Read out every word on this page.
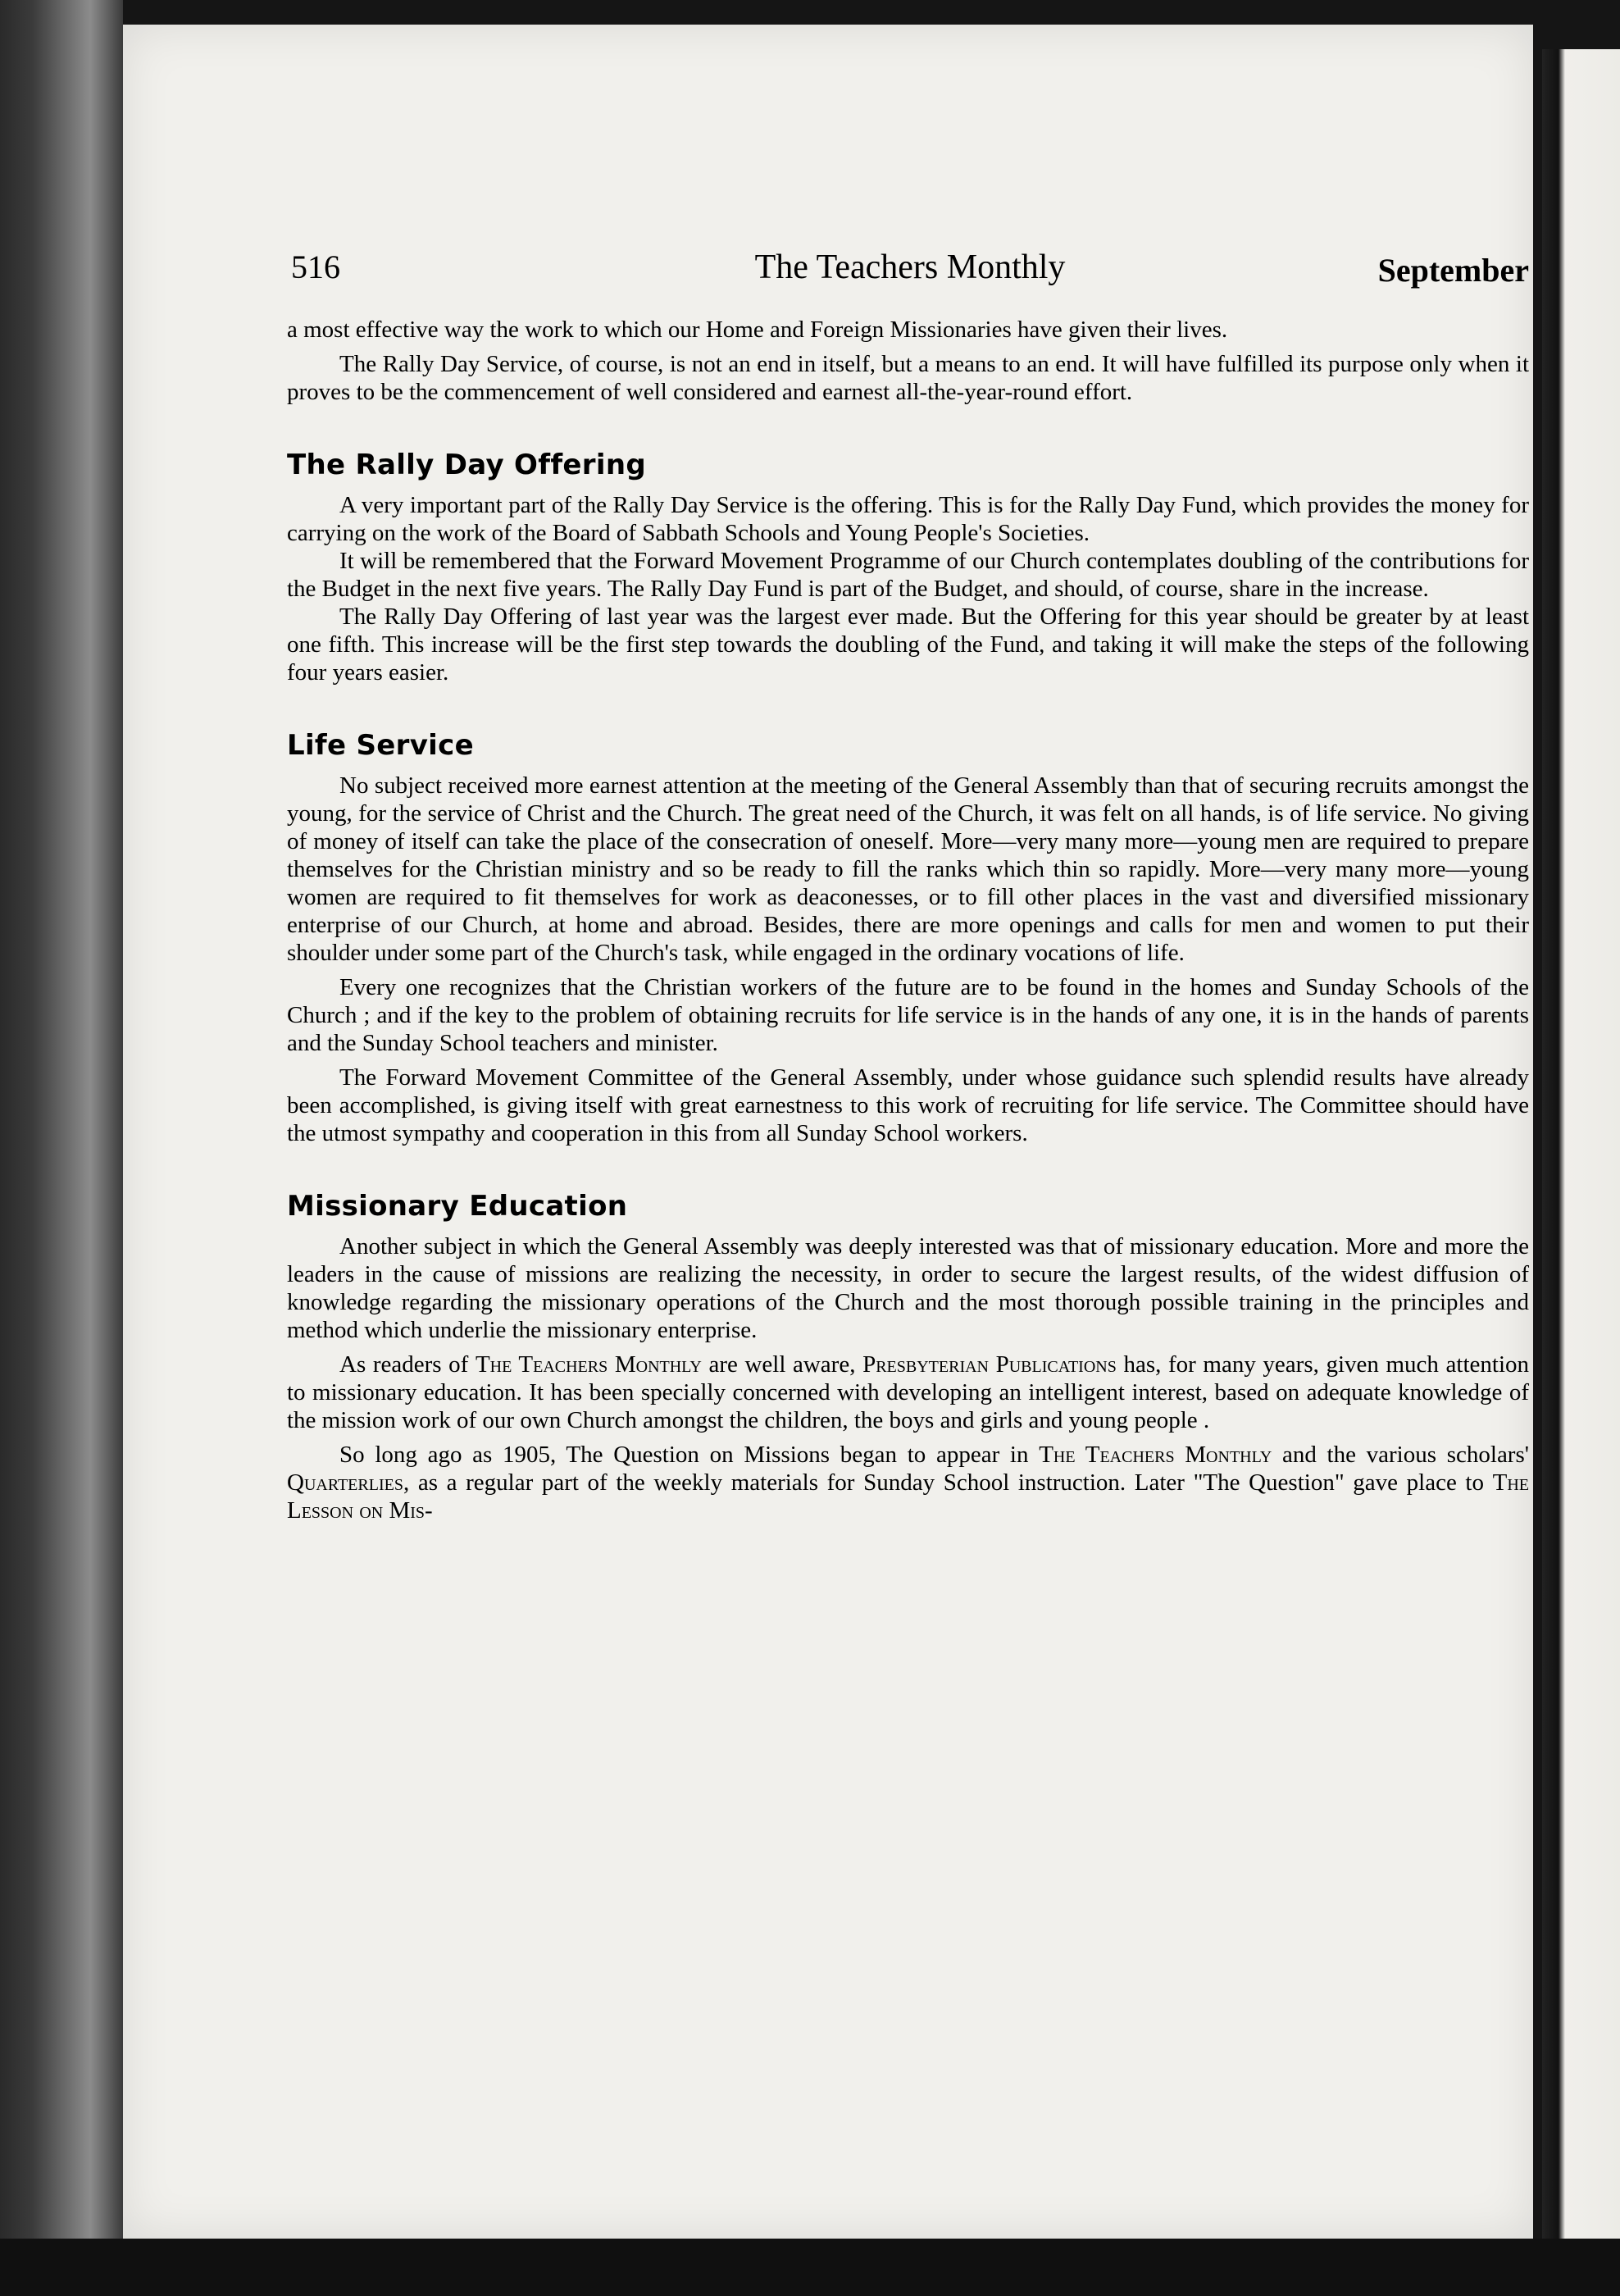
516	The Teachers Monthly	September

a most effective way the work to which our Home and Foreign Missionaries have given their lives.

The Rally Day Service, of course, is not an end in itself, but a means to an end. It will have fulfilled its purpose only when it proves to be the commencement of well considered and earnest all-the-year-round effort.

The Rally Day Offering

A very important part of the Rally Day Service is the offering. This is for the Rally Day Fund, which provides the money for carrying on the work of the Board of Sabbath Schools and Young People's Societies.

It will be remembered that the Forward Movement Programme of our Church contemplates doubling of the contributions for the Budget in the next five years. The Rally Day Fund is part of the Budget, and should, of course, share in the increase.

The Rally Day Offering of last year was the largest ever made. But the Offering for this year should be greater by at least one fifth. This increase will be the first step towards the doubling of the Fund, and taking it will make the steps of the following four years easier.

Life Service

No subject received more earnest attention at the meeting of the General Assembly than that of securing recruits amongst the young, for the service of Christ and the Church. The great need of the Church, it was felt on all hands, is of life service. No giving of money of itself can take the place of the consecration of oneself. More—very many more—young men are required to prepare themselves for the Christian ministry and so be ready to fill the ranks which thin so rapidly. More—very many more—young women are required to fit themselves for work as deaconesses, or to fill other places in the vast and diversified missionary enterprise of our Church, at home and abroad. Besides, there are more openings and calls for men and women to put their shoulder under some part of the Church's task, while engaged in the ordinary vocations of life.

Every one recognizes that the Christian workers of the future are to be found in the homes and Sunday Schools of the Church ; and if the key to the problem of obtaining recruits for life service is in the hands of any one, it is in the hands of parents and the Sunday School teachers and minister.

The Forward Movement Committee of the General Assembly, under whose guidance such splendid results have already been accomplished, is giving itself with great earnestness to this work of recruiting for life service. The Committee should have the utmost sympathy and cooperation in this from all Sunday School workers.

Missionary Education

Another subject in which the General Assembly was deeply interested was that of missionary education. More and more the leaders in the cause of missions are realizing the necessity, in order to secure the largest results, of the widest diffusion of knowledge regarding the missionary operations of the Church and the most thorough possible training in the principles and method which underlie the missionary enterprise.

As readers of The Teachers Monthly are well aware, Presbyterian Publications has, for many years, given much attention to missionary education. It has been specially concerned with developing an intelligent interest, based on adequate knowledge of the mission work of our own Church amongst the children, the boys and girls and young people .

So long ago as 1905, The Question on Missions began to appear in The Teachers Monthly and the various scholars' Quarterlies, as a regular part of the weekly materials for Sunday School instruction. Later "The Question" gave place to The Lesson on Mis-
